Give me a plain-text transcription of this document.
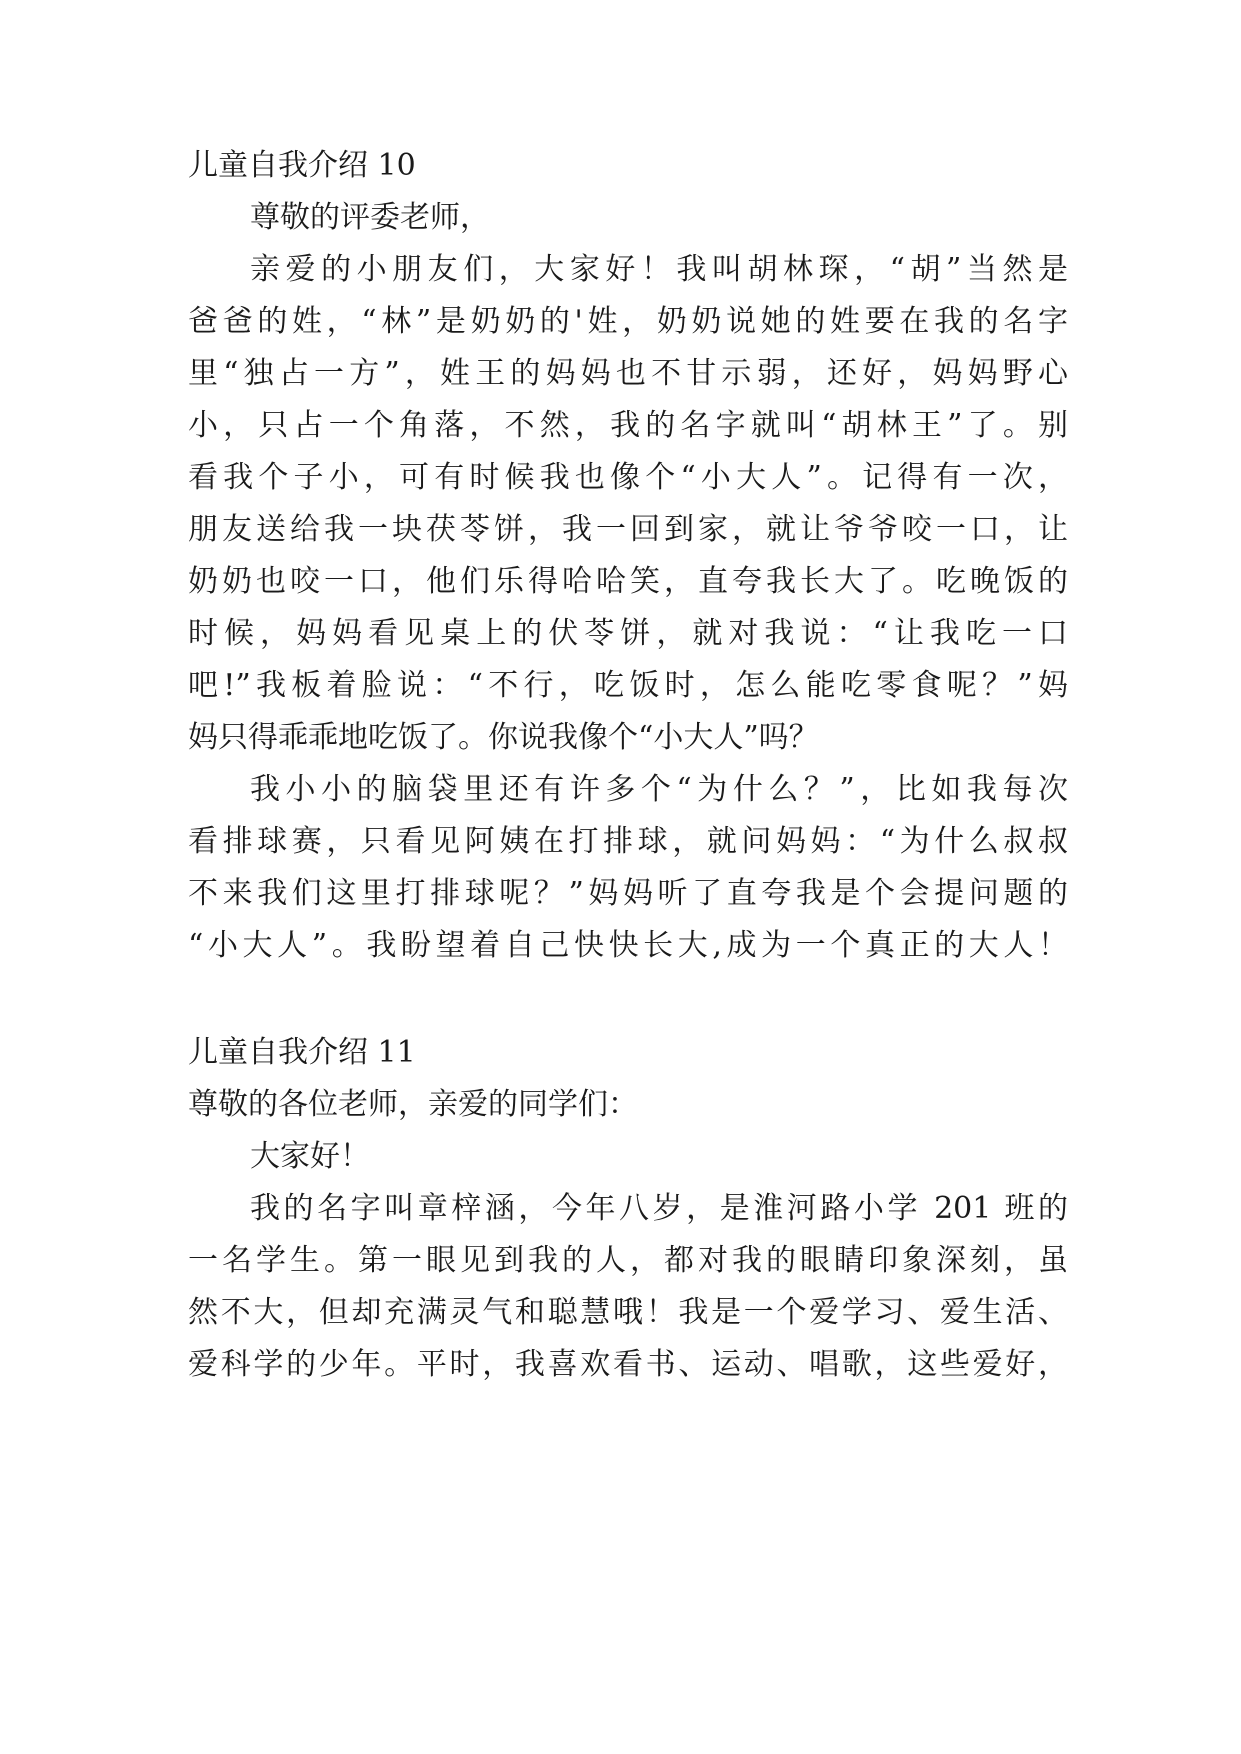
儿童自我介绍 10
尊敬的评委老师，
亲爱的小朋友们，大家好！我叫胡林琛，“胡”当然是
爸爸的姓，“林”是奶奶的'姓，奶奶说她的姓要在我的名字
里“独占一方”，姓王的妈妈也不甘示弱，还好，妈妈野心
小，只占一个角落，不然，我的名字就叫“胡林王”了。别
看我个子小，可有时候我也像个“小大人”。记得有一次，
朋友送给我一块茯苓饼，我一回到家，就让爷爷咬一口，让
奶奶也咬一口，他们乐得哈哈笑，直夸我长大了。吃晚饭的
时候，妈妈看见桌上的伏苓饼，就对我说：“让我吃一口
吧!”我板着脸说：“不行，吃饭时，怎么能吃零食呢？”妈
妈只得乖乖地吃饭了。你说我像个“小大人”吗？
我小小的脑袋里还有许多个“为什么？”，比如我每次
看排球赛，只看见阿姨在打排球，就问妈妈：“为什么叔叔
不来我们这里打排球呢？”妈妈听了直夸我是个会提问题的
“小大人”。我盼望着自己快快长大,成为一个真正的大人！
儿童自我介绍 11
尊敬的各位老师，亲爱的同学们：
大家好！
我的名字叫章梓涵，今年八岁，是淮河路小学 201 班的
一名学生。第一眼见到我的人，都对我的眼睛印象深刻，虽
然不大，但却充满灵气和聪慧哦！我是一个爱学习、爱生活、
爱科学的少年。平时，我喜欢看书、运动、唱歌，这些爱好，
